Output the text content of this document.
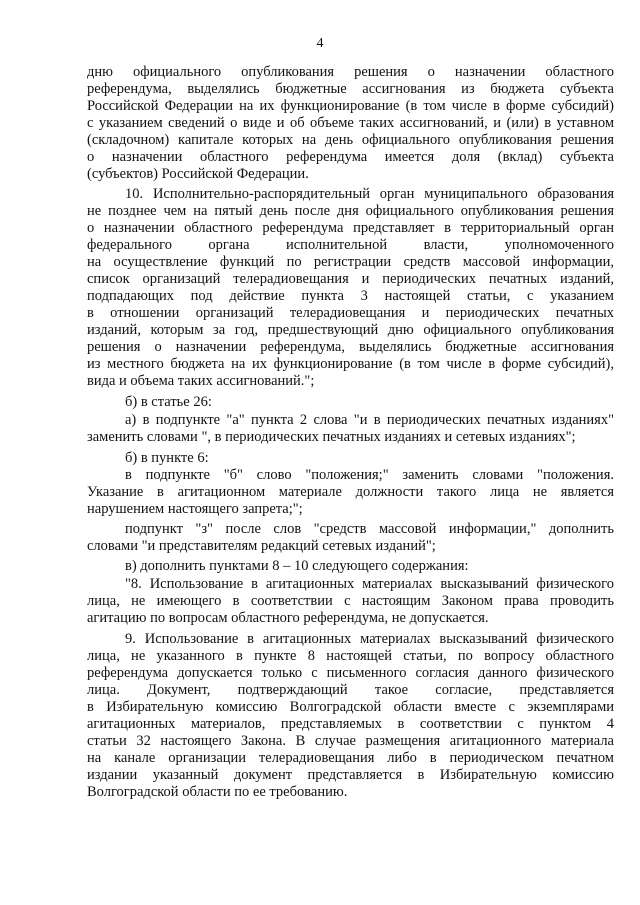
4
дню официального опубликования решения о назначении областного
референдума, выделялись бюджетные ассигнования из бюджета субъекта
Российской Федерации на их функционирование (в том числе в форме субсидий)
с указанием сведений о виде и об объеме таких ассигнований, и (или) в уставном
(складочном) капитале которых на день официального опубликования решения
о назначении областного референдума имеется доля (вклад) субъекта
(субъектов) Российской Федерации.
10. Исполнительно-распорядительный орган муниципального образования
не позднее чем на пятый день после дня официального опубликования решения
о назначении областного референдума представляет в территориальный орган
федерального органа исполнительной власти, уполномоченного
на осуществление функций по регистрации средств массовой информации,
список организаций телерадиовещания и периодических печатных изданий,
подпадающих под действие пункта 3 настоящей статьи, с указанием
в отношении организаций телерадиовещания и периодических печатных
изданий, которым за год, предшествующий дню официального опубликования
решения о назначении референдума, выделялись бюджетные ассигнования
из местного бюджета на их функционирование (в том числе в форме субсидий),
вида и объема таких ассигнований.";
б) в статье 26:
а) в подпункте "а" пункта 2 слова "и в периодических печатных изданиях"
заменить словами ", в периодических печатных изданиях и сетевых изданиях";
б) в пункте 6:
в подпункте "б" слово "положения;" заменить словами "положения.
Указание в агитационном материале должности такого лица не является
нарушением настоящего запрета;";
подпункт "з" после слов "средств массовой информации," дополнить
словами "и представителям редакций сетевых изданий";
в) дополнить пунктами 8 – 10 следующего содержания:
"8. Использование в агитационных материалах высказываний физического
лица, не имеющего в соответствии с настоящим Законом права проводить
агитацию по вопросам областного референдума, не допускается.
9. Использование в агитационных материалах высказываний физического
лица, не указанного в пункте 8 настоящей статьи, по вопросу областного
референдума допускается только с письменного согласия данного физического
лица. Документ, подтверждающий такое согласие, представляется
в Избирательную комиссию Волгоградской области вместе с экземплярами
агитационных материалов, представляемых в соответствии с пунктом 4
статьи 32 настоящего Закона. В случае размещения агитационного материала
на канале организации телерадиовещания либо в периодическом печатном
издании указанный документ представляется в Избирательную комиссию
Волгоградской области по ее требованию.
